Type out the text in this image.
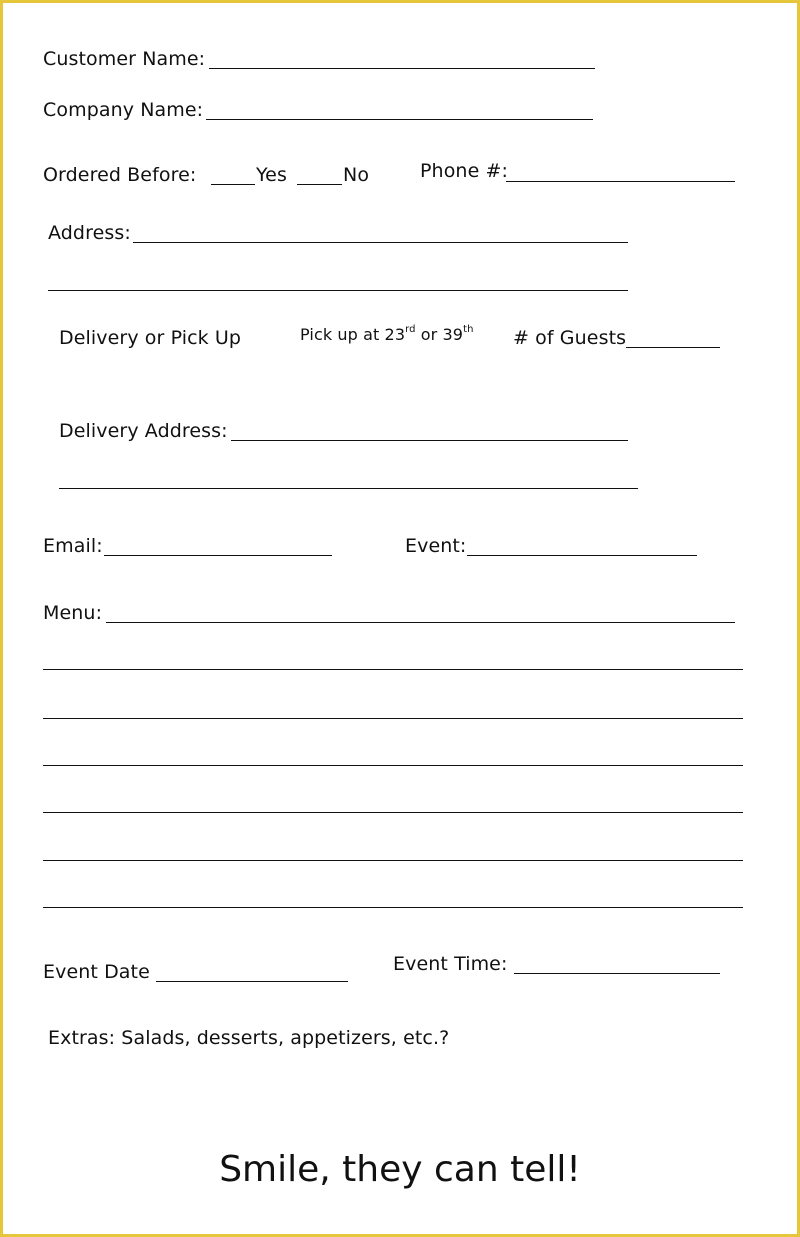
Customer Name:
Company Name:
Ordered Before:	Yes	No	Phone #:
Address:
Delivery or Pick Up	Pick up at 23rd or 39th # of Guests
Delivery Address:
Email:	Event:
Menu:
Event Date	Event Time:
Extras: Salads, desserts, appetizers, etc.?
Smile, they can tell!
